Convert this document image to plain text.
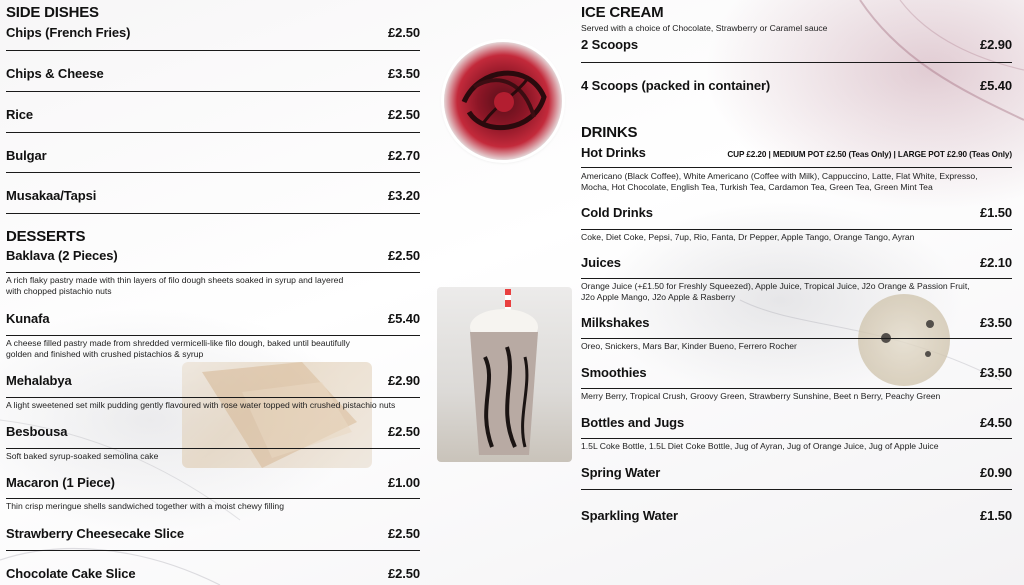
SIDE DISHES
Chips (French Fries)	£2.50
Chips & Cheese	£3.50
Rice	£2.50
Bulgar	£2.70
Musakaa/Tapsi	£3.20
DESSERTS
Baklava (2 Pieces)	£2.50
A rich flaky pastry made with thin layers of filo dough sheets soaked in syrup and layered with chopped pistachio nuts
Kunafa	£5.40
A cheese filled pastry made from shredded vermicelli-like filo dough, baked until beautifully golden and finished with crushed pistachios & syrup
Mehalabya	£2.90
A light sweetened set milk pudding gently flavoured with rose water topped with crushed pistachio nuts
Besbousa	£2.50
Soft baked syrup-soaked semolina cake
Macaron (1 Piece)	£1.00
Thin crisp meringue shells sandwiched together with a moist chewy filling
Strawberry Cheesecake Slice	£2.50
Chocolate Cake Slice	£2.50
ICE CREAM
Served with a choice of Chocolate, Strawberry or Caramel sauce
2 Scoops	£2.90
4 Scoops (packed in container)	£5.40
DRINKS
Hot Drinks	CUP £2.20 | MEDIUM POT £2.50 (Teas Only) | LARGE POT £2.90 (Teas Only)
Americano (Black Coffee), White Americano (Coffee with Milk), Cappuccino, Latte, Flat White, Expresso, Mocha, Hot Chocolate, English Tea, Turkish Tea, Cardamon Tea, Green Tea, Green Mint Tea
Cold Drinks	£1.50
Coke, Diet Coke, Pepsi, 7up, Rio, Fanta, Dr Pepper, Apple Tango, Orange Tango, Ayran
Juices	£2.10
Orange Juice (+£1.50 for Freshly Squeezed), Apple Juice, Tropical Juice, J2o Orange & Passion Fruit, J2o Apple Mango, J2o Apple & Rasberry
Milkshakes	£3.50
Oreo, Snickers, Mars Bar, Kinder Bueno, Ferrero Rocher
Smoothies	£3.50
Merry Berry, Tropical Crush, Groovy Green, Strawberry Sunshine, Beet n Berry, Peachy Green
Bottles and Jugs	£4.50
1.5L Coke Bottle, 1.5L Diet Coke Bottle, Jug of Ayran, Jug of Orange Juice, Jug of Apple Juice
Spring Water	£0.90
Sparkling Water	£1.50
